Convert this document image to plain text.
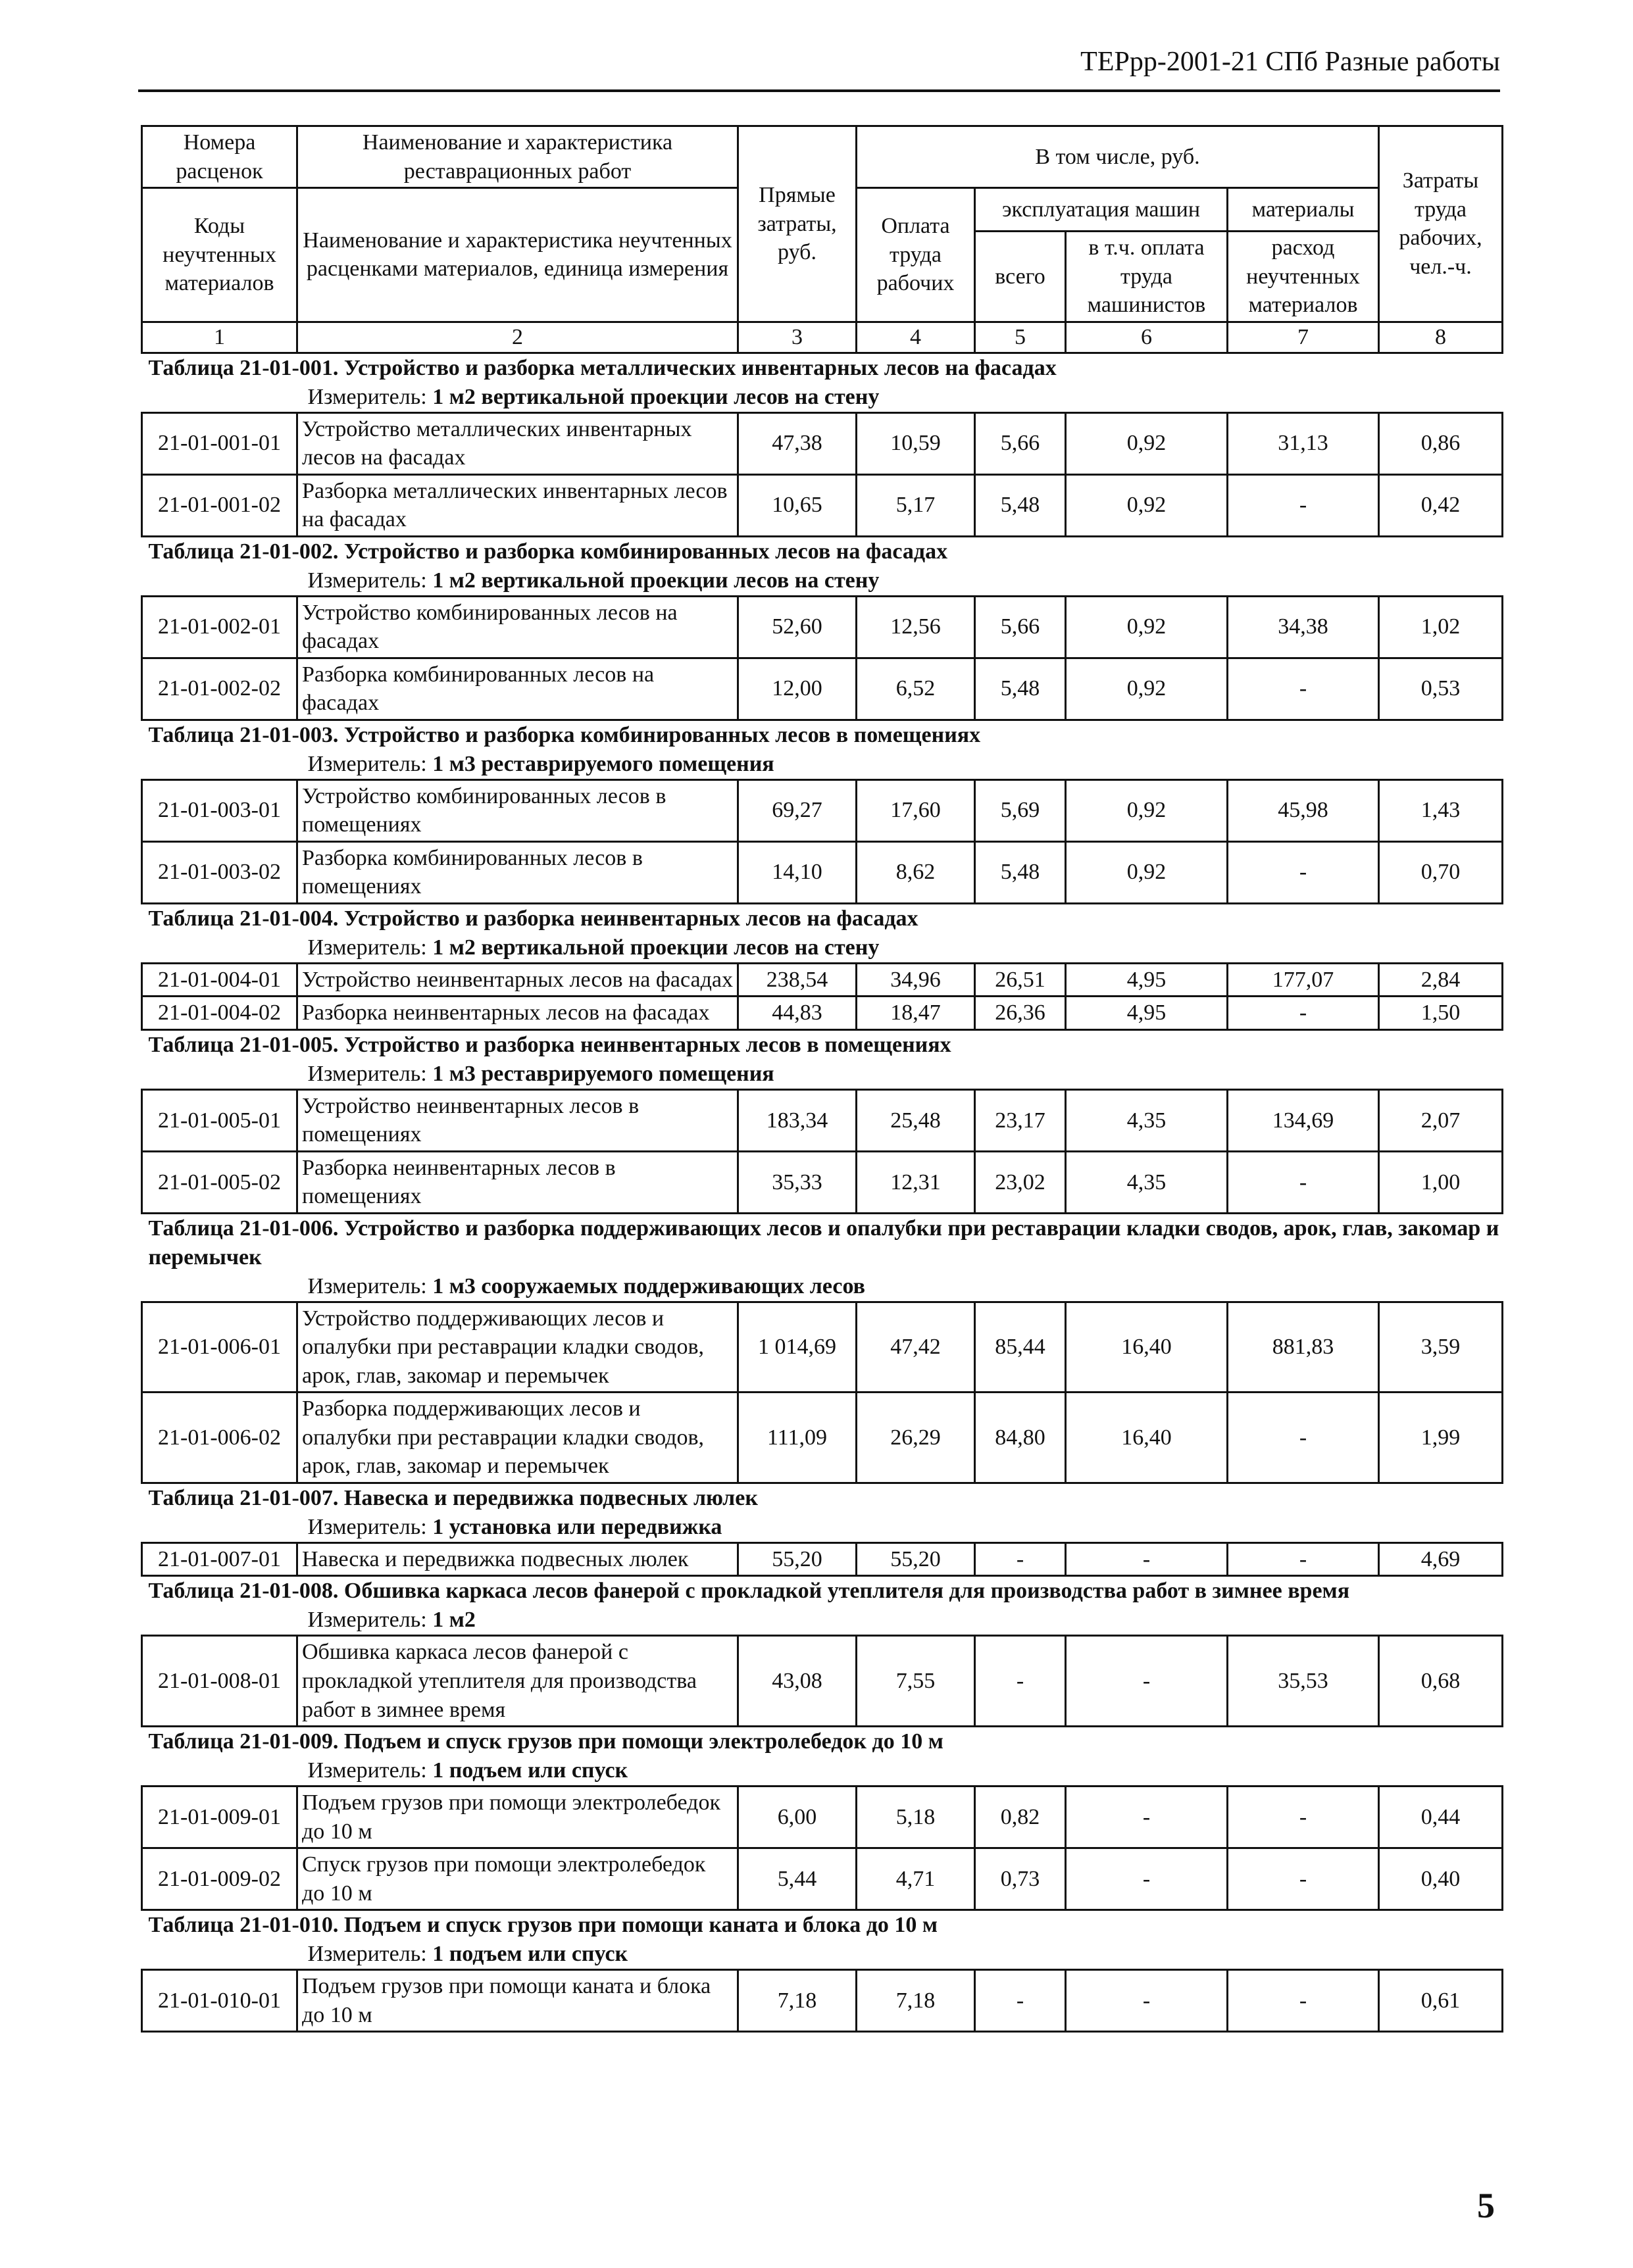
ТЕРрр-2001-21 СПб Разные работы
Номера расценок	Наименование и характеристика реставрационных работ	Прямые затраты, руб.	В том числе, руб.				Затраты труда рабочих, чел.-ч.
Коды неучтенных материалов	Наименование и характеристика неучтенных расценками материалов, единица измерения		Оплата труда рабочих	эксплуатация машин		материалы	
				всего	в т.ч. оплата труда машинистов	расход неучтенных материалов	
1	2	3	4	5	6	7	8
Таблица 21-01-001. Устройство и разборка металлических инвентарных лесов на фасадах							
Измеритель: 1 м2 вертикальной проекции лесов на стену							
21-01-001-01	Устройство металлических инвентарных лесов на фасадах	47,38	10,59	5,66	0,92	31,13	0,86
21-01-001-02	Разборка металлических инвентарных лесов на фасадах	10,65	5,17	5,48	0,92	-	0,42
Таблица 21-01-002. Устройство и разборка комбинированных лесов на фасадах							
Измеритель: 1 м2 вертикальной проекции лесов на стену							
21-01-002-01	Устройство комбинированных лесов на фасадах	52,60	12,56	5,66	0,92	34,38	1,02
21-01-002-02	Разборка комбинированных лесов на фасадах	12,00	6,52	5,48	0,92	-	0,53
Таблица 21-01-003. Устройство и разборка комбинированных лесов в помещениях							
Измеритель: 1 м3 реставрируемого помещения							
21-01-003-01	Устройство комбинированных лесов в помещениях	69,27	17,60	5,69	0,92	45,98	1,43
21-01-003-02	Разборка комбинированных лесов в помещениях	14,10	8,62	5,48	0,92	-	0,70
Таблица 21-01-004. Устройство и разборка неинвентарных лесов на фасадах							
Измеритель: 1 м2 вертикальной проекции лесов на стену							
21-01-004-01	Устройство неинвентарных лесов на фасадах	238,54	34,96	26,51	4,95	177,07	2,84
21-01-004-02	Разборка неинвентарных лесов на фасадах	44,83	18,47	26,36	4,95	-	1,50
Таблица 21-01-005. Устройство и разборка неинвентарных лесов в помещениях							
Измеритель: 1 м3 реставрируемого помещения							
21-01-005-01	Устройство неинвентарных лесов в помещениях	183,34	25,48	23,17	4,35	134,69	2,07
21-01-005-02	Разборка неинвентарных лесов в помещениях	35,33	12,31	23,02	4,35	-	1,00
Таблица 21-01-006. Устройство и разборка поддерживающих лесов и опалубки при реставрации кладки сводов, арок, глав, закомар и перемычек							
Измеритель: 1 м3 сооружаемых поддерживающих лесов							
21-01-006-01	Устройство поддерживающих лесов и опалубки при реставрации кладки сводов, арок, глав, закомар и перемычек	1 014,69	47,42	85,44	16,40	881,83	3,59
21-01-006-02	Разборка поддерживающих лесов и опалубки при реставрации кладки сводов, арок, глав, закомар и перемычек	111,09	26,29	84,80	16,40	-	1,99
Таблица 21-01-007. Навеска и передвижка подвесных люлек							
Измеритель: 1 установка или передвижка							
21-01-007-01	Навеска и передвижка подвесных люлек	55,20	55,20	-	-	-	4,69
Таблица 21-01-008. Обшивка каркаса лесов фанерой с прокладкой утеплителя для производства работ в зимнее время							
Измеритель: 1 м2							
21-01-008-01	Обшивка каркаса лесов фанерой с прокладкой утеплителя для производства работ в зимнее время	43,08	7,55	-	-	35,53	0,68
Таблица 21-01-009. Подъем и спуск грузов при помощи электролебедок до 10 м							
Измеритель: 1 подъем или спуск							
21-01-009-01	Подъем грузов при помощи электролебедок до 10 м	6,00	5,18	0,82	-	-	0,44
21-01-009-02	Спуск грузов при помощи электролебедок до 10 м	5,44	4,71	0,73	-	-	0,40
Таблица 21-01-010. Подъем и спуск грузов при помощи каната и блока до 10 м							
Измеритель: 1 подъем или спуск							
21-01-010-01	Подъем грузов при помощи каната и блока до 10 м	7,18	7,18	-	-	-	0,61
5
